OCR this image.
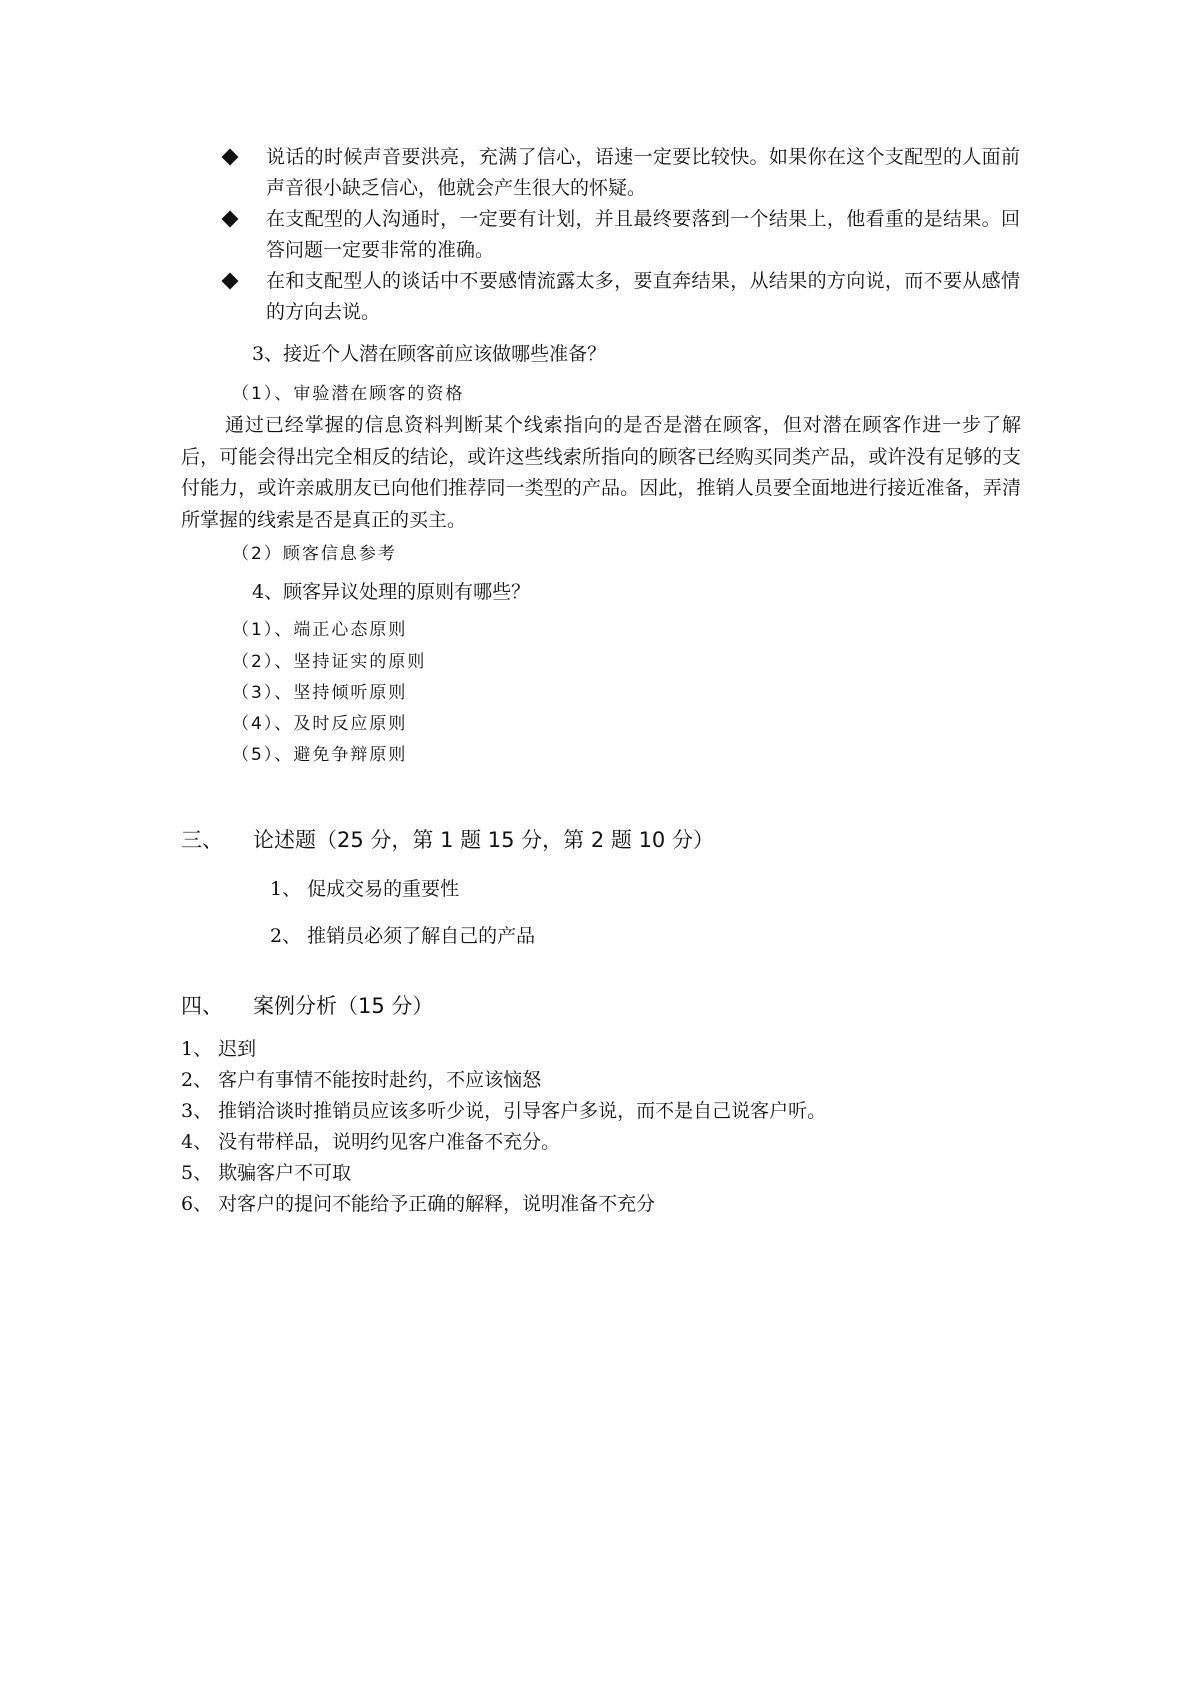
说话的时候声音要洪亮，充满了信心，语速一定要比较快。如果你在这个支配型的人面前声音很小缺乏信心，他就会产生很大的怀疑。
在支配型的人沟通时，一定要有计划，并且最终要落到一个结果上，他看重的是结果。回答问题一定要非常的准确。
在和支配型人的谈话中不要感情流露太多，要直奔结果，从结果的方向说，而不要从感情的方向去说。
3、接近个人潜在顾客前应该做哪些准备？
（1）、审验潜在顾客的资格
通过已经掌握的信息资料判断某个线索指向的是否是潜在顾客，但对潜在顾客作进一步了解后，可能会得出完全相反的结论，或许这些线索所指向的顾客已经购买同类产品，或许没有足够的支付能力，或许亲戚朋友已向他们推荐同一类型的产品。因此，推销人员要全面地进行接近准备，弄清所掌握的线索是否是真正的买主。
（2）顾客信息参考
4、顾客异议处理的原则有哪些？
（1）、端正心态原则
（2）、坚持证实的原则
（3）、坚持倾听原则
（4）、及时反应原则
（5）、避免争辩原则
三、 论述题（25 分，第 1 题 15 分，第 2 题 10 分）
1、 促成交易的重要性
2、 推销员必须了解自己的产品
四、 案例分析（15 分）
1、 迟到
2、 客户有事情不能按时赴约，不应该恼怒
3、 推销洽谈时推销员应该多听少说，引导客户多说，而不是自己说客户听。
4、 没有带样品，说明约见客户准备不充分。
5、 欺骗客户不可取
6、 对客户的提问不能给予正确的解释，说明准备不充分
